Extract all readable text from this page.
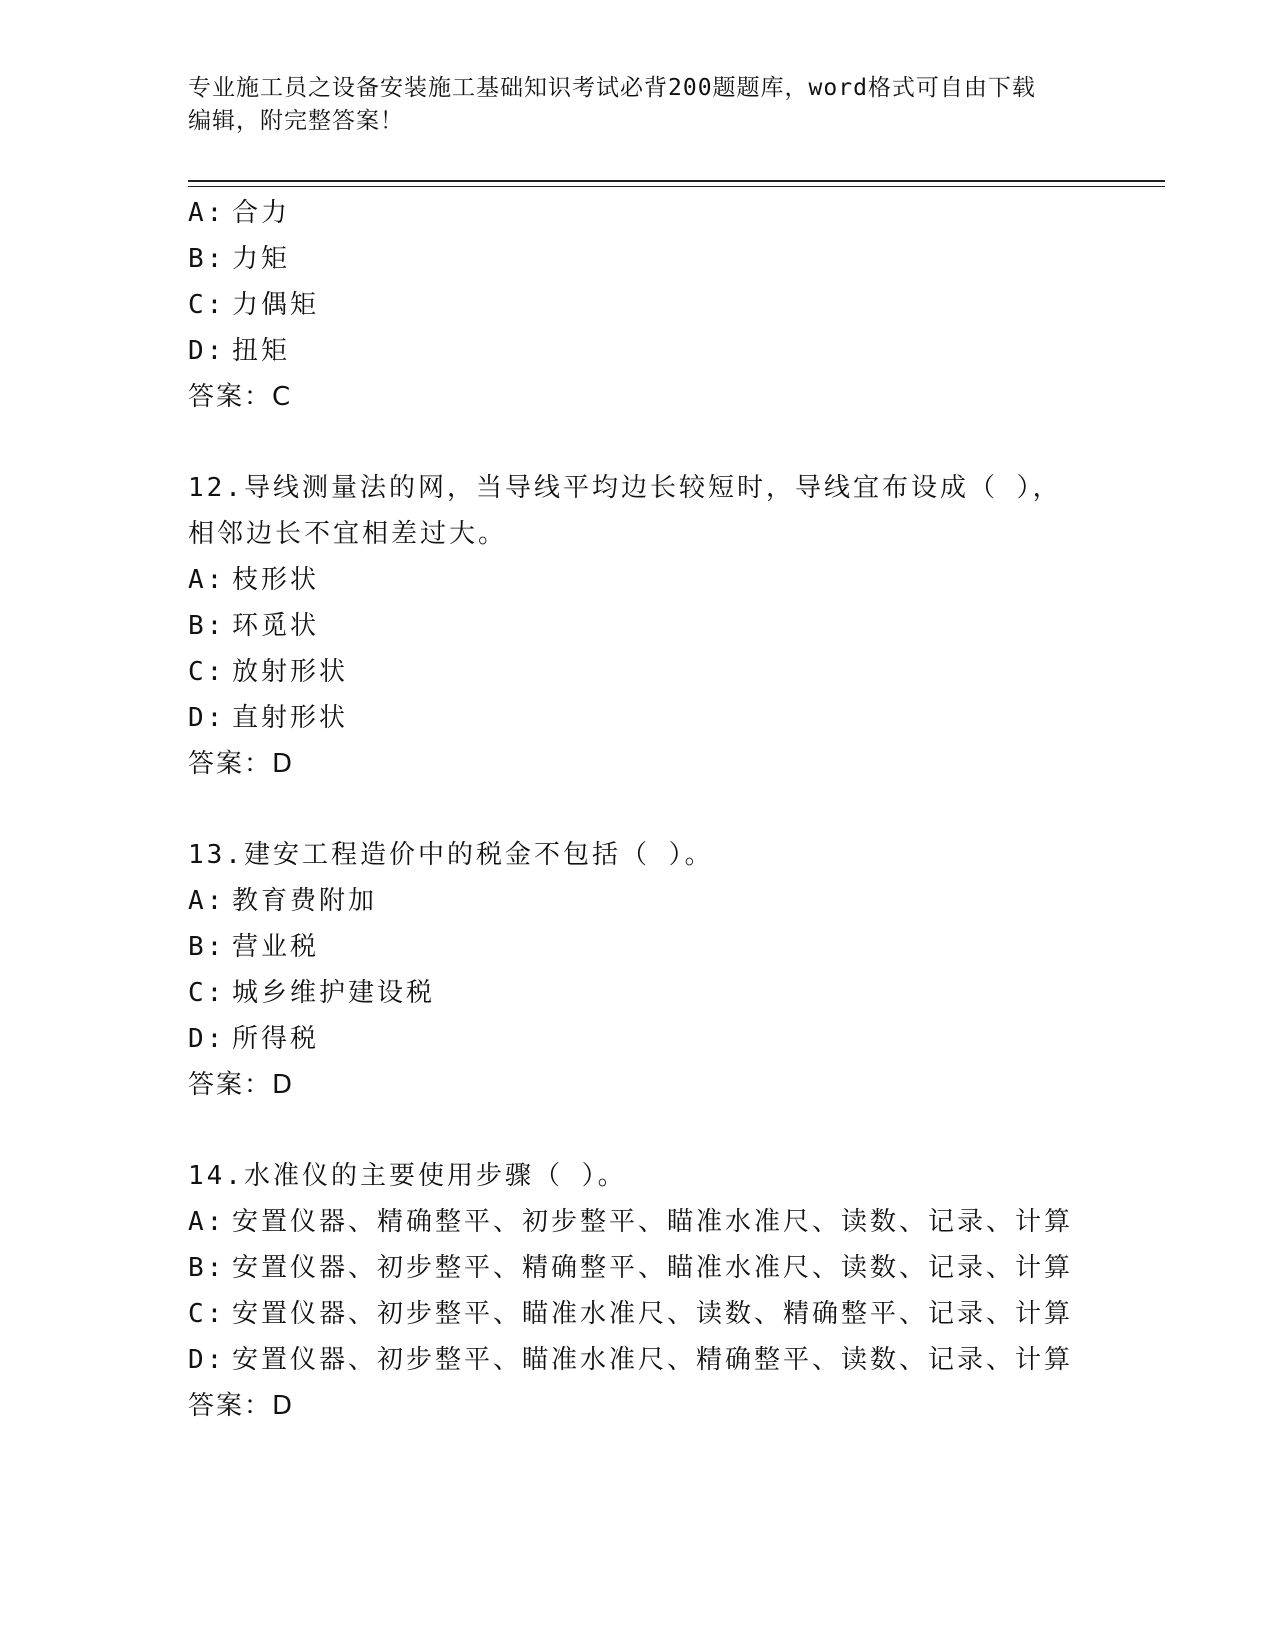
专业施工员之设备安装施工基础知识考试必背200题题库，word格式可自由下载
编辑，附完整答案！
A: 合力
B: 力矩
C: 力偶矩
D: 扭矩
答案：C
12.导线测量法的网，当导线平均边长较短时，导线宜布设成（ ），
相邻边长不宜相差过大。
A: 枝形状
B: 环觅状
C: 放射形状
D: 直射形状
答案：D
13.建安工程造价中的税金不包括（ ）。
A: 教育费附加
B: 营业税
C: 城乡维护建设税
D: 所得税
答案：D
14.水准仪的主要使用步骤（ ）。
A: 安置仪器、精确整平、初步整平、瞄准水准尺、读数、记录、计算
B: 安置仪器、初步整平、精确整平、瞄准水准尺、读数、记录、计算
C: 安置仪器、初步整平、瞄准水准尺、读数、精确整平、记录、计算
D: 安置仪器、初步整平、瞄准水准尺、精确整平、读数、记录、计算
答案：D
